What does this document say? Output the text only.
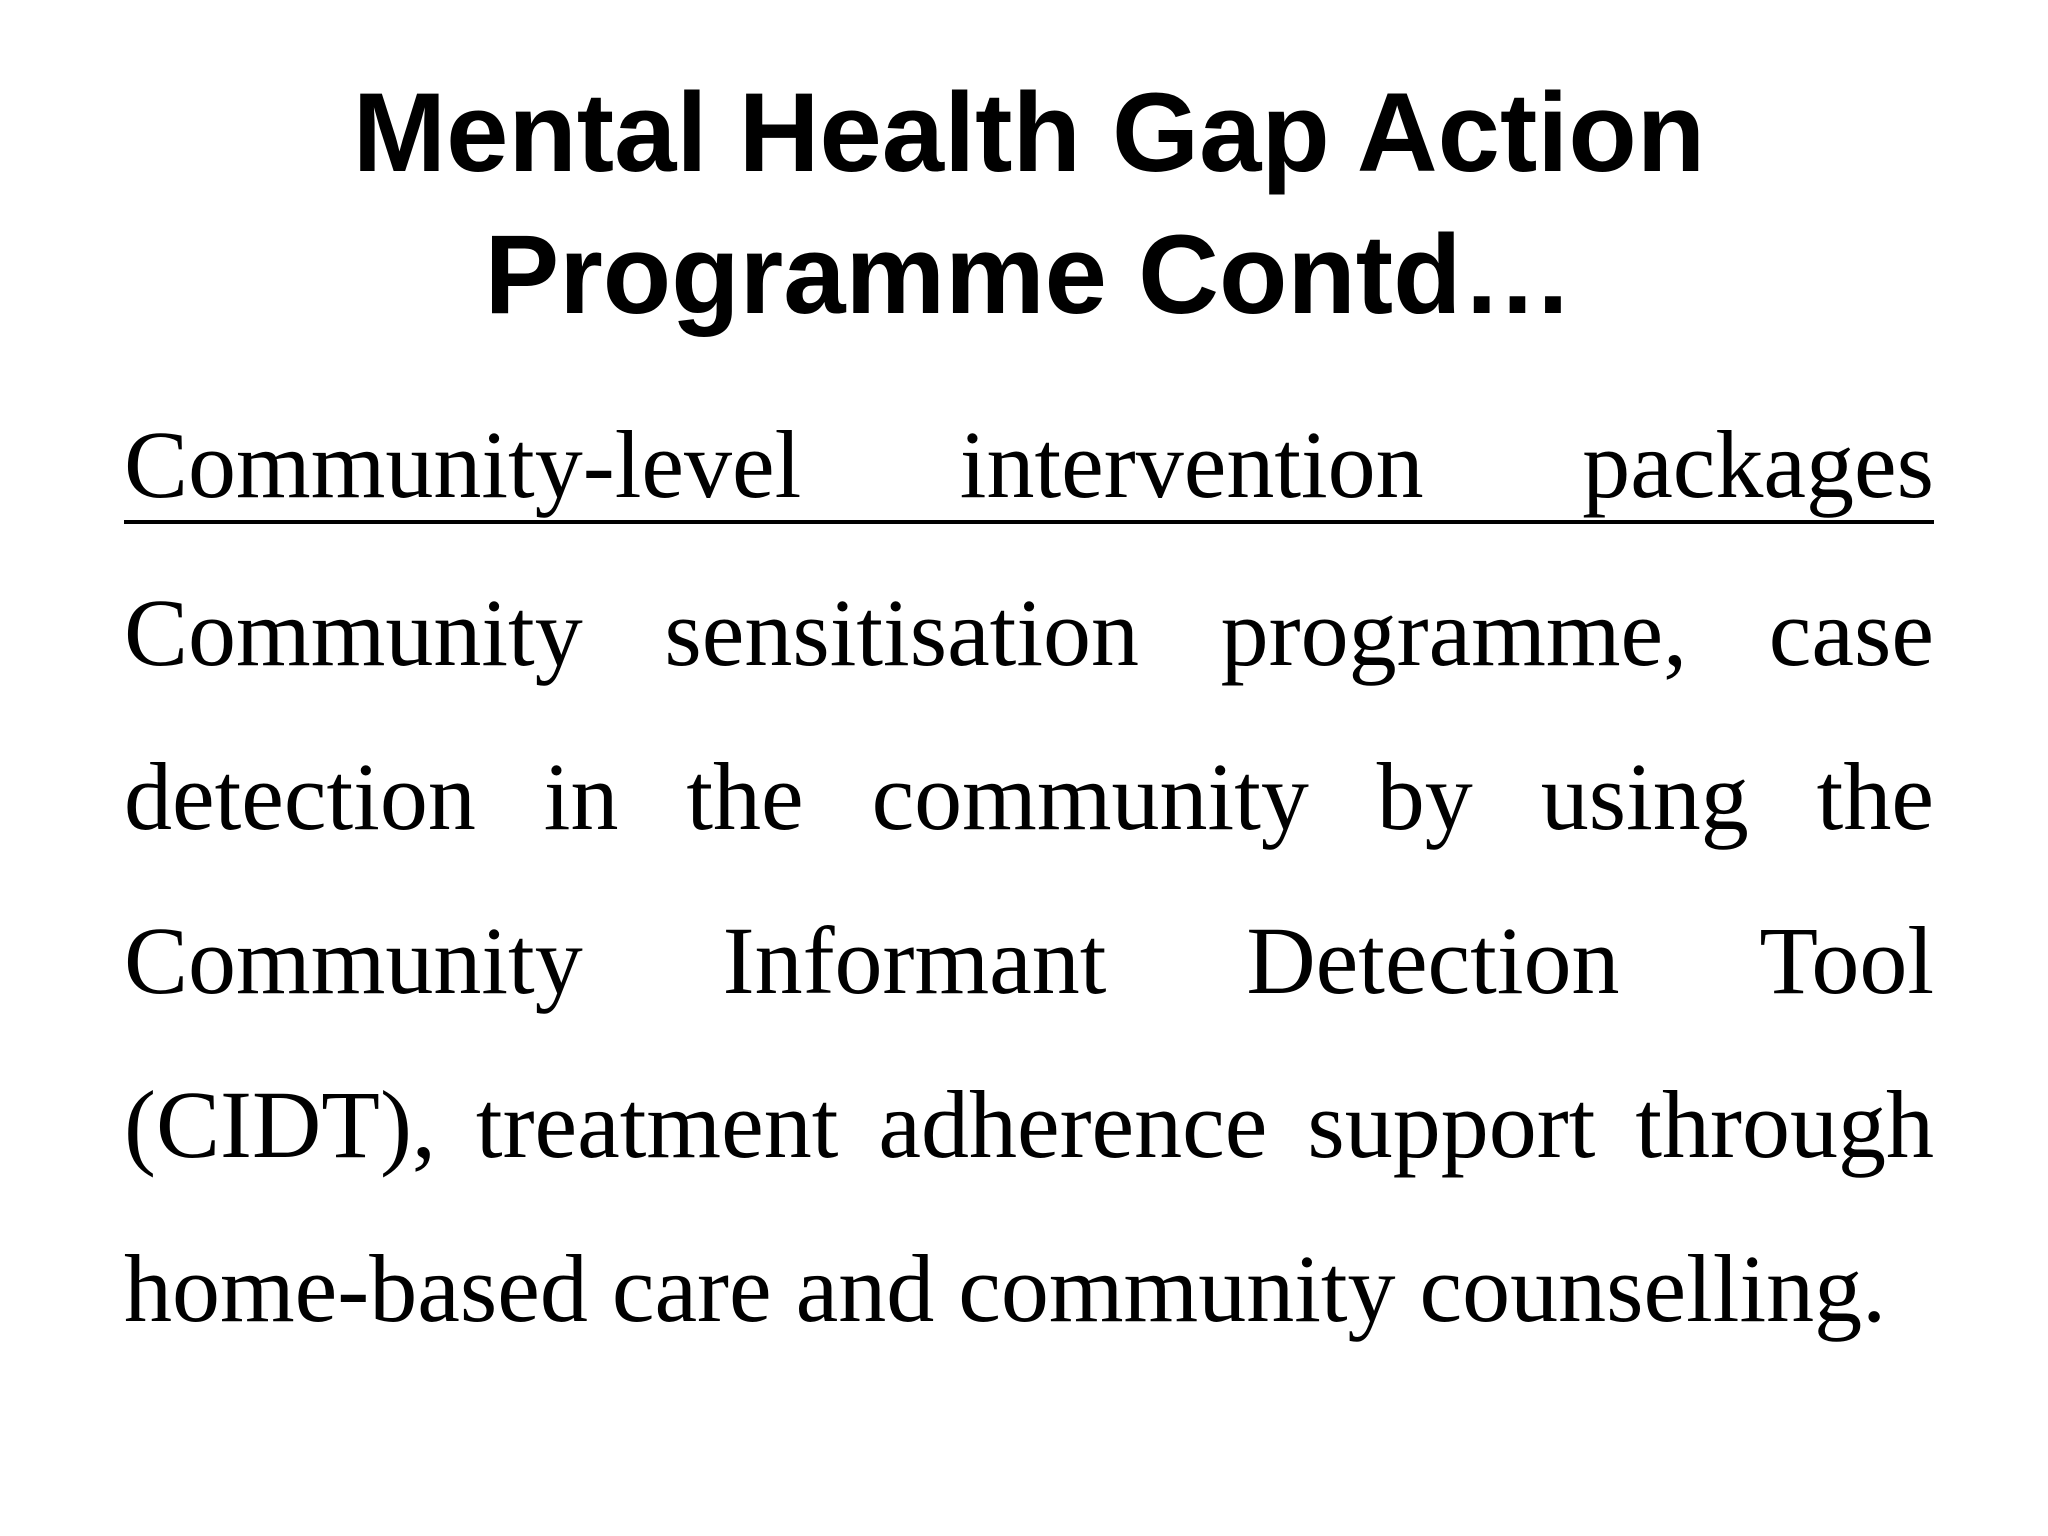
Mental Health Gap Action
Programme Contd…
Community-level intervention packages
Community sensitisation programme, case
detection in the community by using the
Community Informant Detection Tool
(CIDT), treatment adherence support through
home-based care and community counselling.
